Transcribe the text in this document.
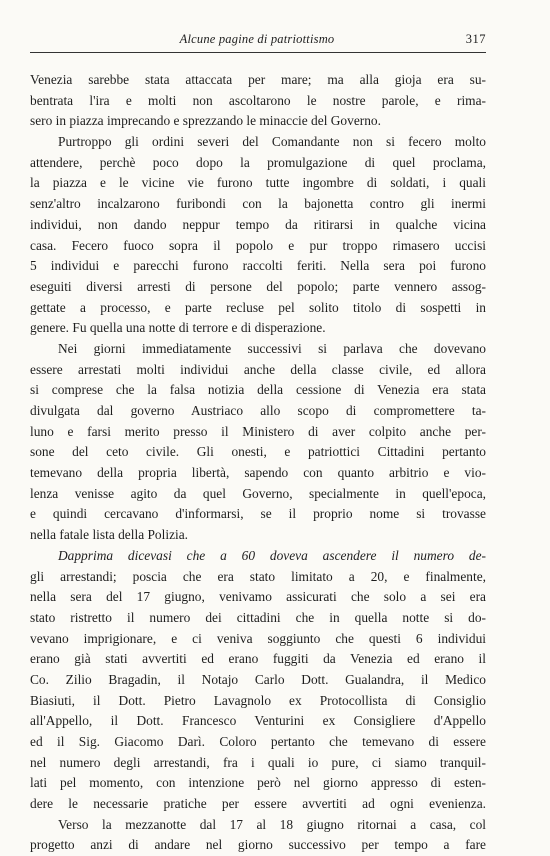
Alcune pagine di patriottismo	317
Venezia sarebbe stata attaccata per mare; ma alla gioja era su-
bentrata l'ira e molti non ascoltarono le nostre parole, e rima-
sero in piazza imprecando e sprezzando le minaccie del Governo.
Purtroppo gli ordini severi del Comandante non si fecero molto
attendere, perchè poco dopo la promulgazione di quel proclama,
la piazza e le vicine vie furono tutte ingombre di soldati, i quali
senz'altro incalzarono furibondi con la bajonetta contro gli inermi
individui, non dando neppur tempo da ritirarsi in qualche vicina
casa. Fecero fuoco sopra il popolo e pur troppo rimasero uccisi
5 individui e parecchi furono raccolti feriti. Nella sera poi furono
eseguiti diversi arresti di persone del popolo; parte vennero assog-
gettate a processo, e parte recluse pel solito titolo di sospetti in
genere. Fu quella una notte di terrore e di disperazione.
Nei giorni immediatamente successivi si parlava che dovevano
essere arrestati molti individui anche della classe civile, ed allora
si comprese che la falsa notizia della cessione di Venezia era stata
divulgata dal governo Austriaco allo scopo di compromettere ta-
luno e farsi merito presso il Ministero di aver colpito anche per-
sone del ceto civile. Gli onesti, e patriottici Cittadini pertanto
temevano della propria libertà, sapendo con quanto arbitrio e vio-
lenza venisse agito da quel Governo, specialmente in quell'epoca,
e quindi cercavano d'informarsi, se il proprio nome si trovasse
nella fatale lista della Polizia.
Dapprima dicevasi che a 60 doveva ascendere il numero de-
gli arrestandi; poscia che era stato limitato a 20, e finalmente,
nella sera del 17 giugno, venivamo assicurati che solo a sei era
stato ristretto il numero dei cittadini che in quella notte si do-
vevano imprigionare, e ci veniva soggiunto che questi 6 individui
erano già stati avvertiti ed erano fuggiti da Venezia ed erano il
Co. Zilio Bragadin, il Notajo Carlo Dott. Gualandra, il Medico
Biasiuti, il Dott. Pietro Lavagnolo ex Protocollista di Consiglio
all'Appello, il Dott. Francesco Venturini ex Consigliere d'Appello
ed il Sig. Giacomo Darì. Coloro pertanto che temevano di essere
nel numero degli arrestandi, fra i quali io pure, ci siamo tranquil-
lati pel momento, con intenzione però nel giorno appresso di esten-
dere le necessarie pratiche per essere avvertiti ad ogni evenienza.
Verso la mezzanotte dal 17 al 18 giugno ritornai a casa, col
progetto anzi di andare nel giorno successivo per tempo a fare
